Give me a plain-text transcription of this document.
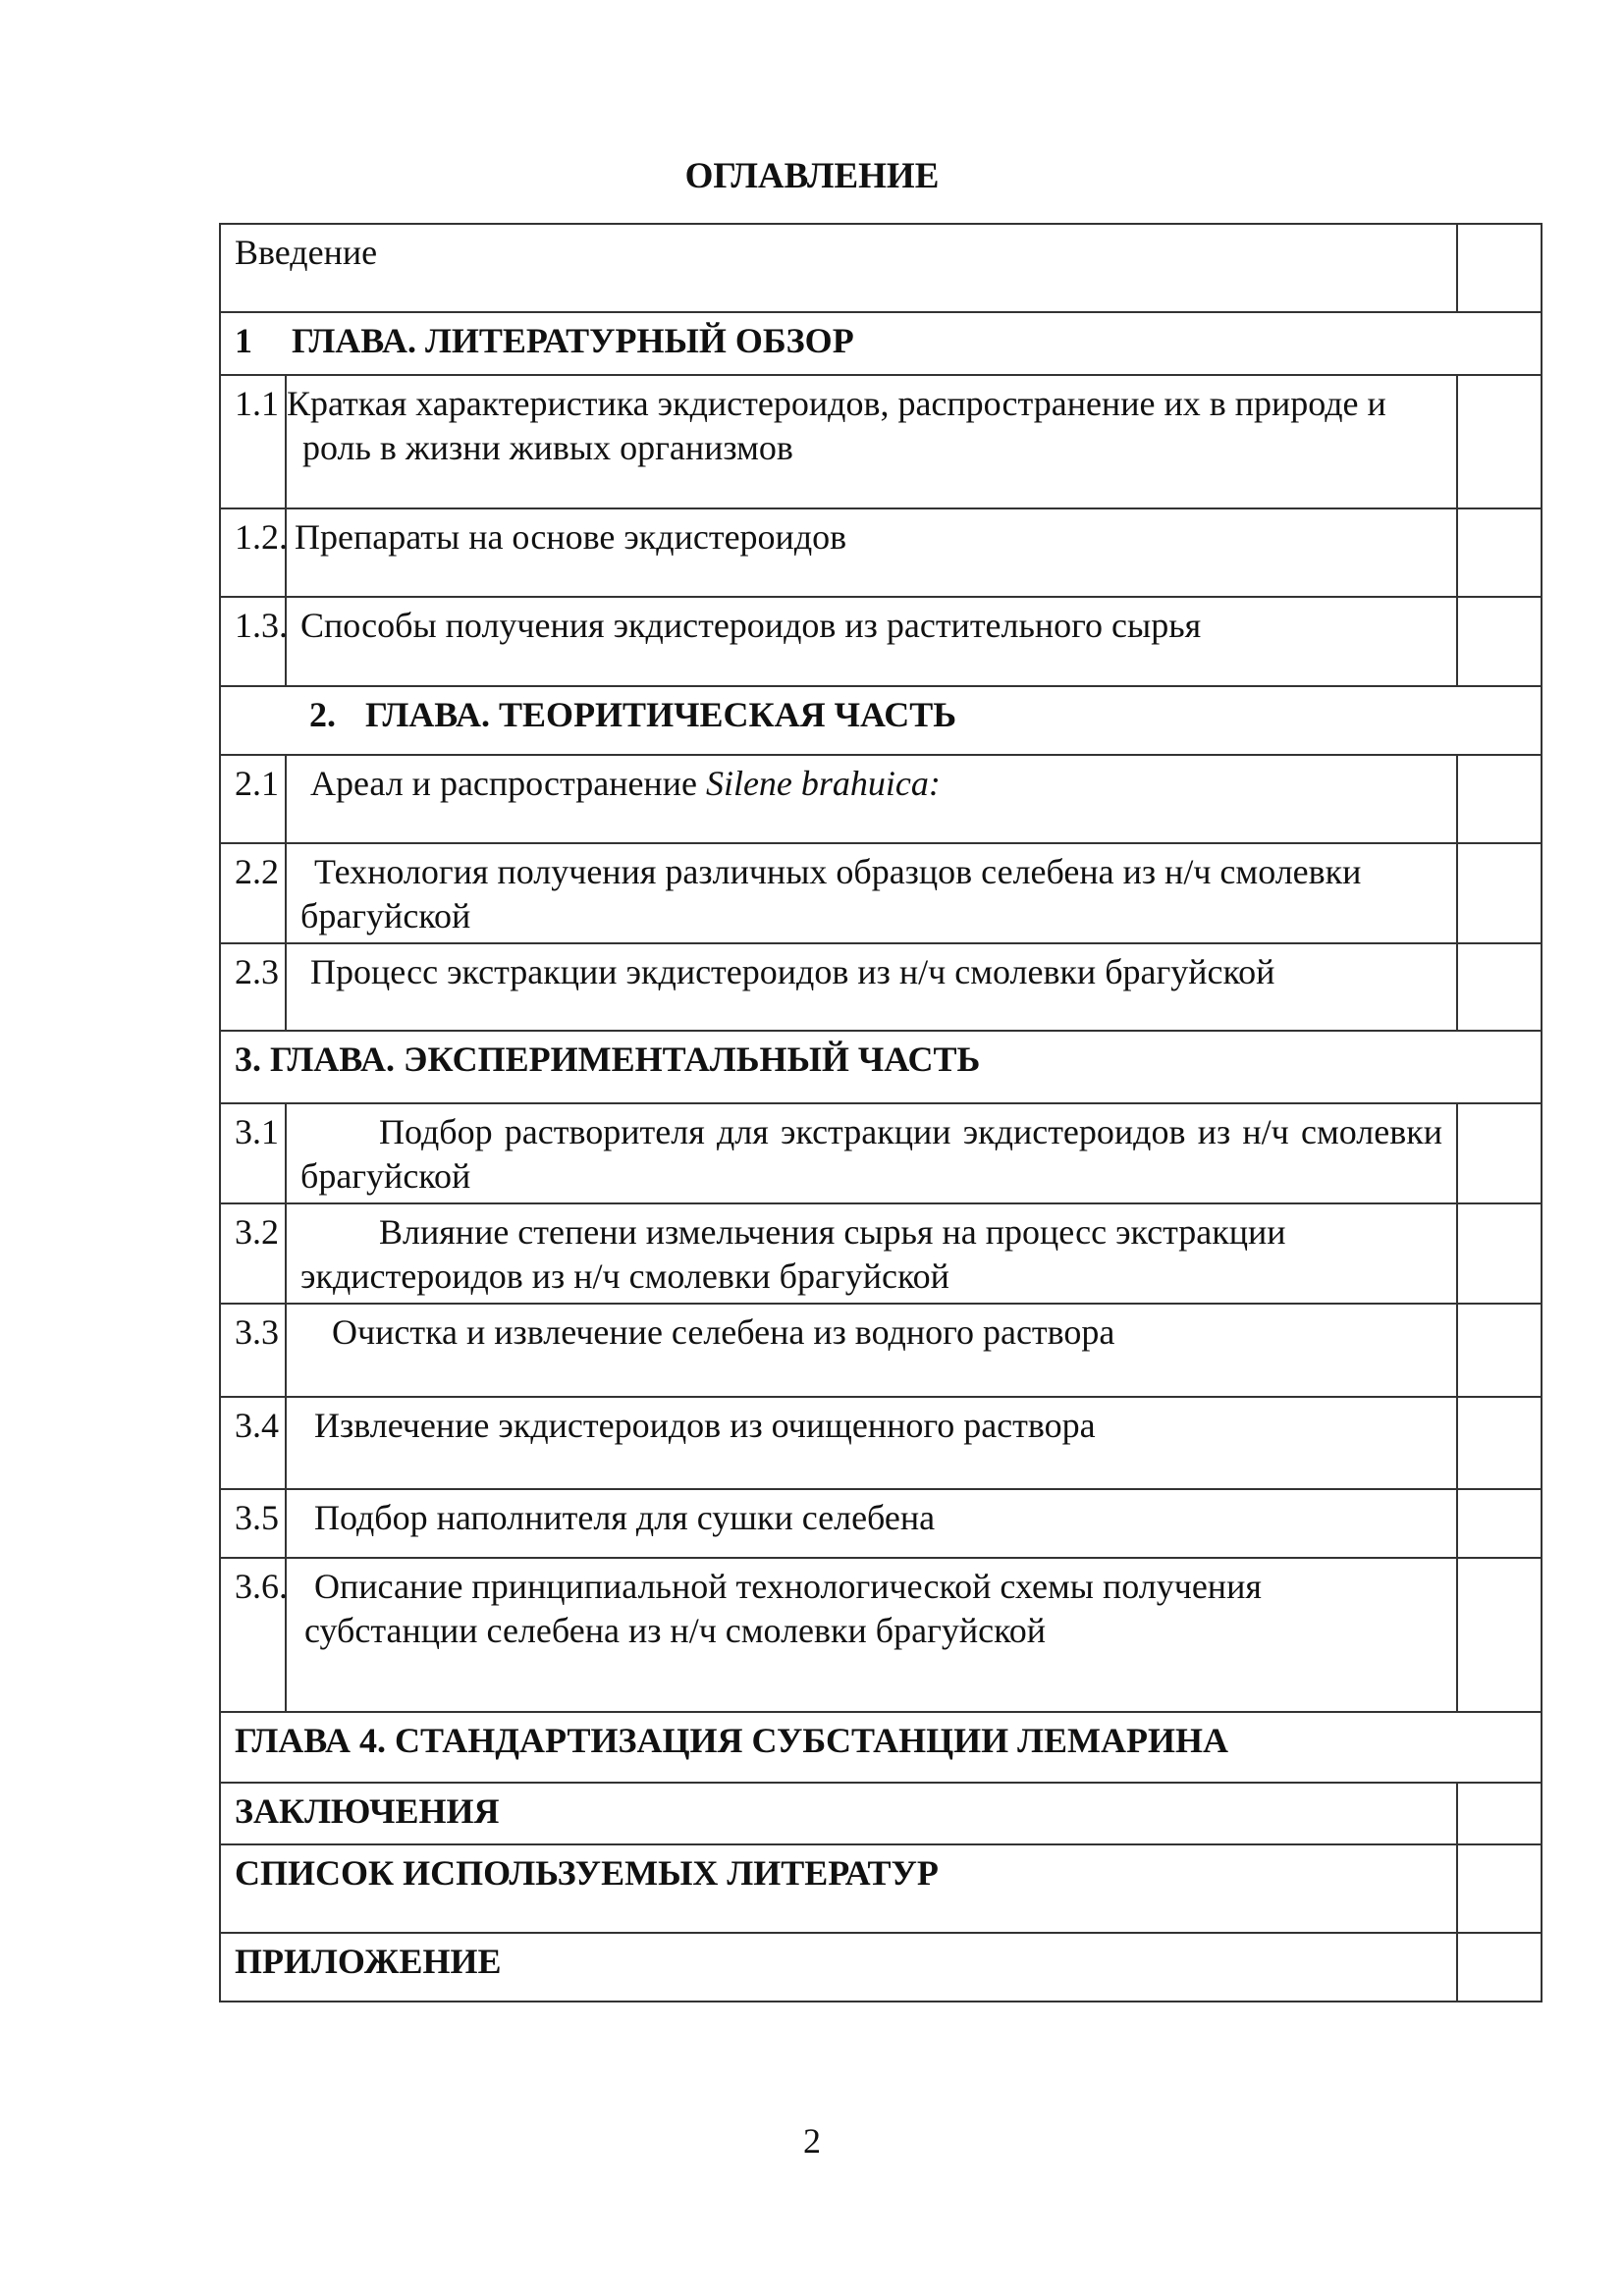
ОГЛАВЛЕНИЕ
Введение		
1 ГЛАВА. ЛИТЕРАТУРНЫЙ ОБЗОР		
1.1	Краткая характеристика экдистероидов, распространение их в природе и роль в жизни живых организмов	

1.2.	Препараты на основе экдистероидов	
1.3.	Способы получения экдистероидов из растительного сырья	
2. ГЛАВА. ТЕОРИТИЧЕСКАЯ ЧАСТЬ		
2.1	Ареал и распространение Silene brahuica:	
2.2	Технология получения различных образцов селебена из н/ч смолевки брагуйской	

2.3	Процесс экстракции экдистероидов из н/ч смолевки брагуйской	
3. ГЛАВА. ЭКСПЕРИМЕНТАЛЬНЫЙ ЧАСТЬ		
3.1	Подбор растворителя для экстракции экдистероидов из н/ч смолевки брагуйской	
3.2	Влияние степени измельчения сырья на процесс экстракции экдистероидов из н/ч смолевки брагуйской	
3.3	Очистка и извлечение селебена из водного раствора	
3.4	Извлечение экдистероидов из очищенного раствора	
3.5	Подбор наполнителя для сушки селебена	
3.6.	Описание принципиальной технологической схемы получения субстанции селебена из н/ч смолевки брагуйской	

ГЛАВА 4. СТАНДАРТИЗАЦИЯ СУБСТАНЦИИ ЛЕМАРИНА		
ЗАКЛЮЧЕНИЯ		
СПИСОК ИСПОЛЬЗУЕМЫХ ЛИТЕРАТУР		
ПРИЛОЖЕНИЕ		
2
